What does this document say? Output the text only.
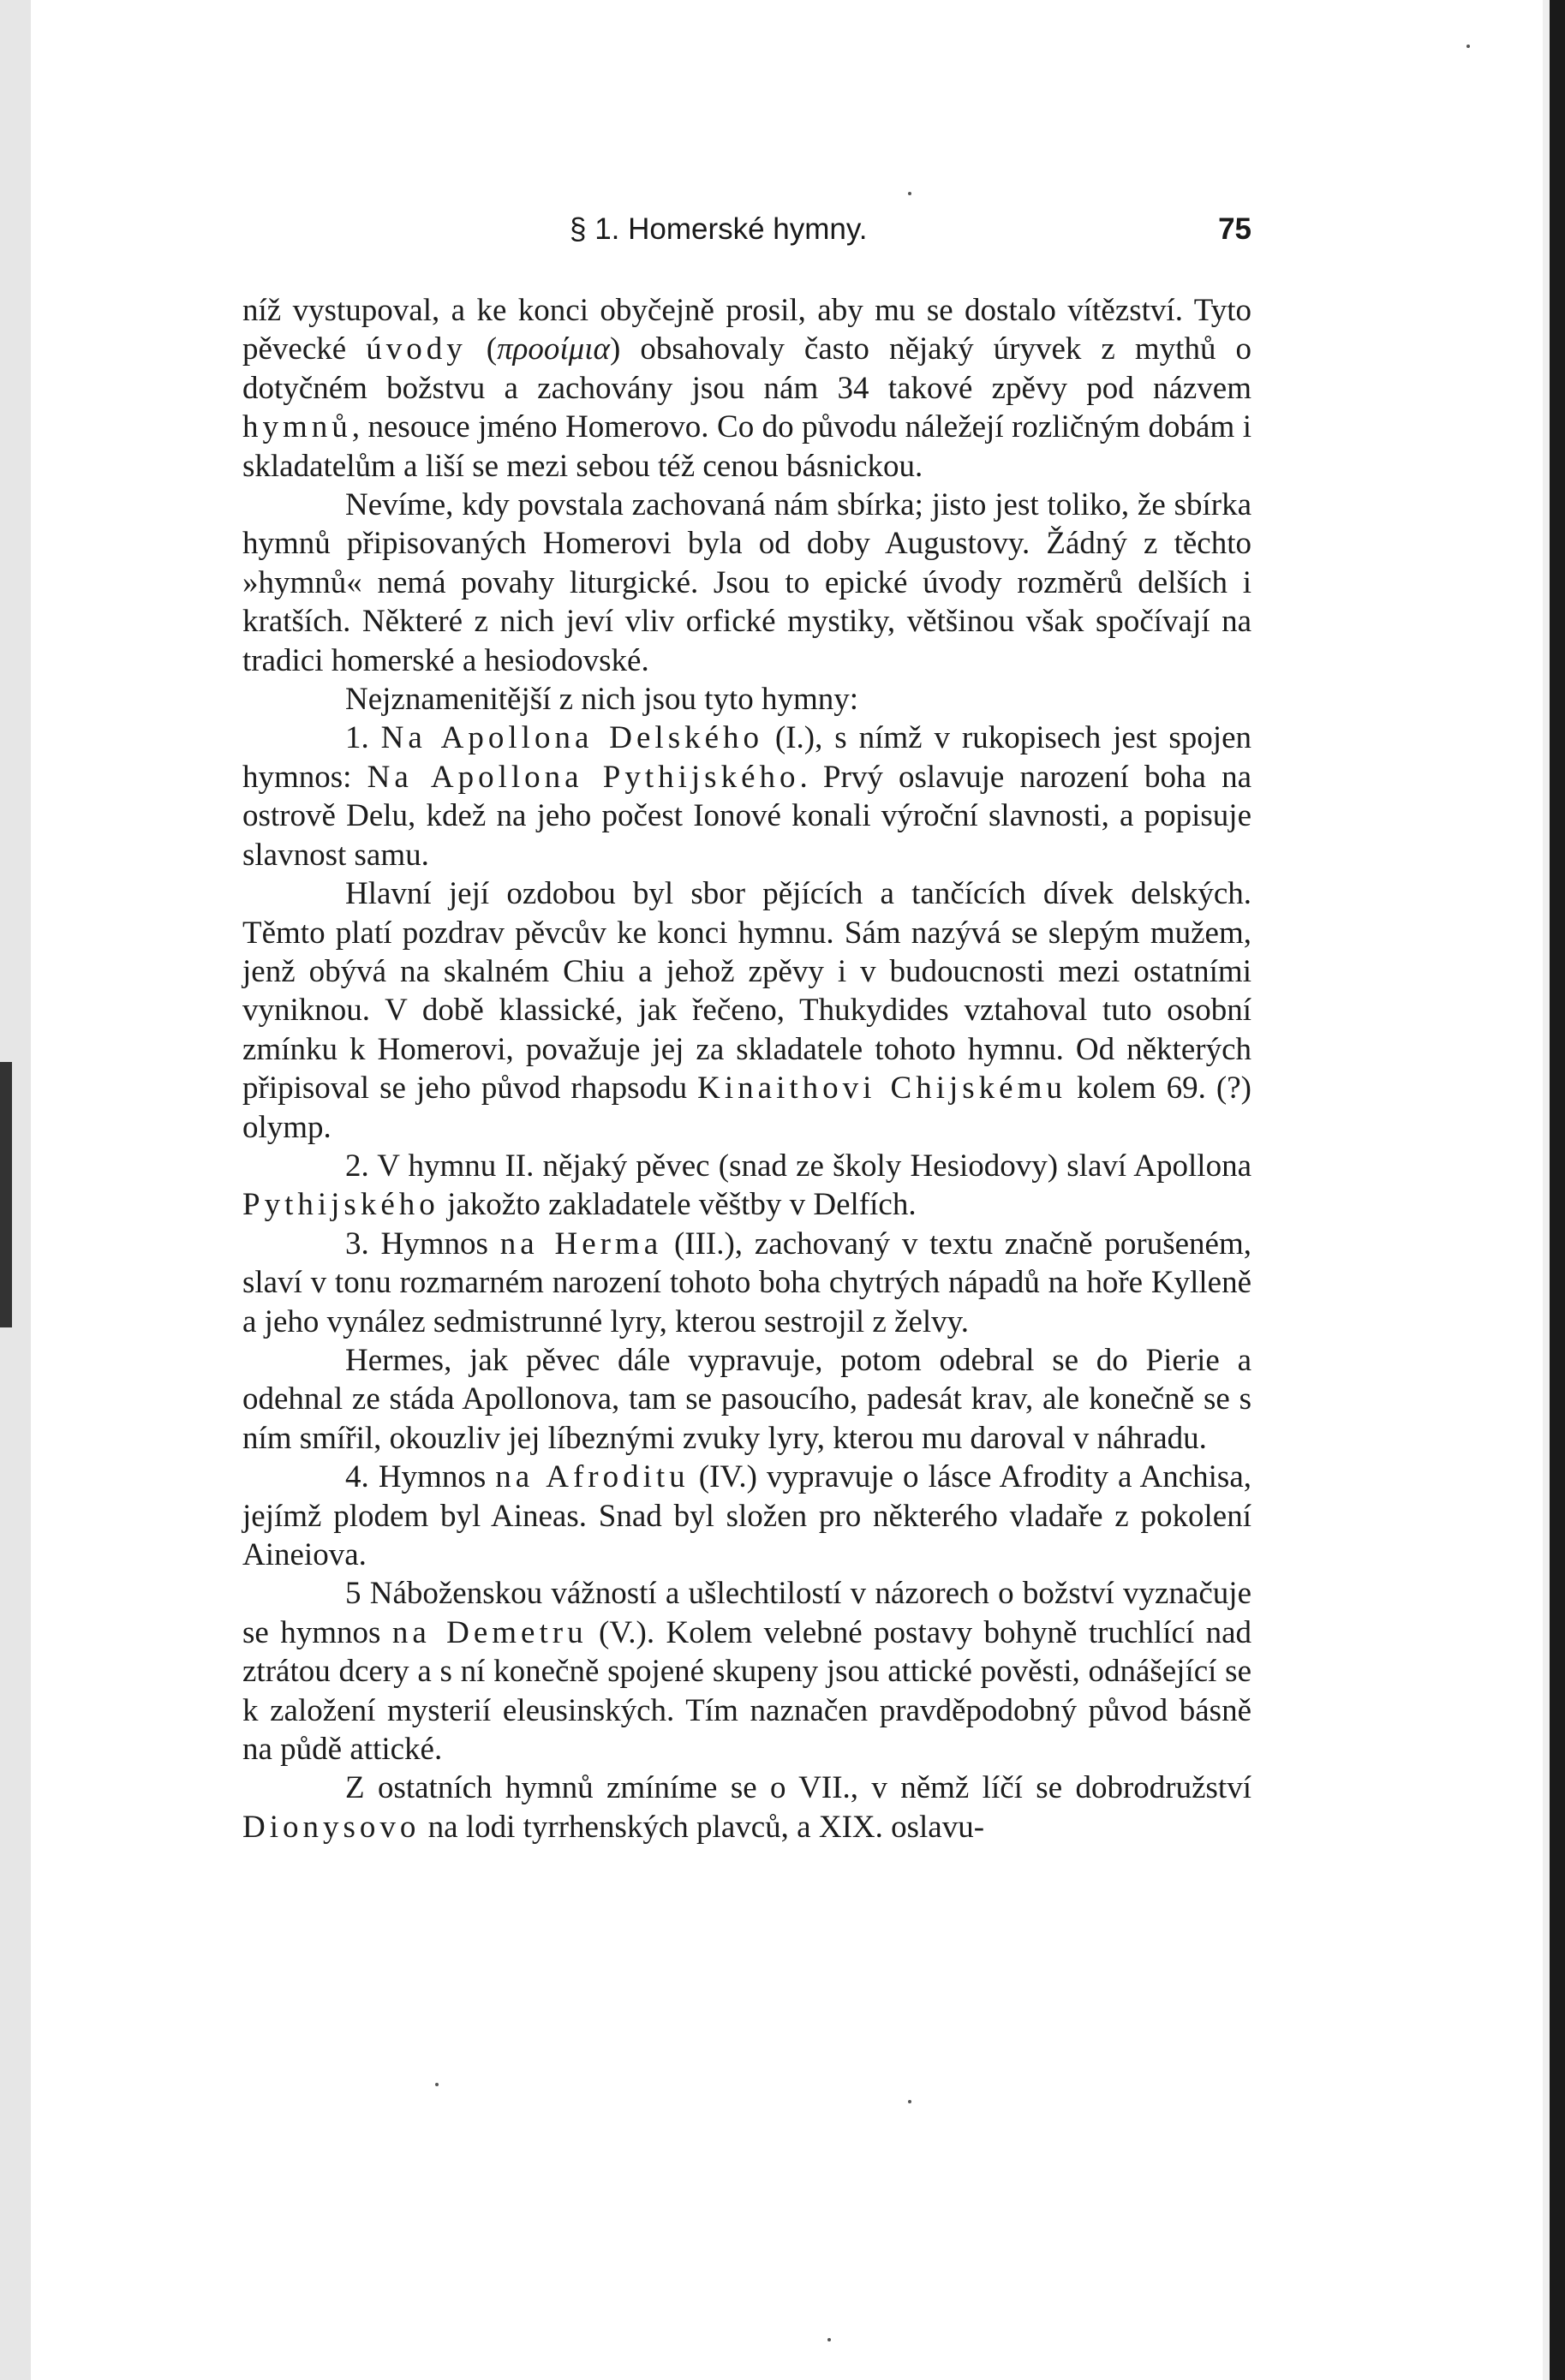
§ 1. Homerské hymny.	75

níž vystupoval, a ke konci obyčejně prosil, aby mu se dostalo vítězství. Tyto pěvecké úvody (προοίμια) obsahovaly často nějaký úryvek z mythů o dotyčném božstvu a zachovány jsou nám 34 takové zpěvy pod názvem hymnů, nesouce jméno Homerovo. Co do původu náležejí rozličným dobám i skladatelům a liší se mezi sebou též cenou básnickou.

Nevíme, kdy povstala zachovaná nám sbírka; jisto jest toliko, že sbírka hymnů připisovaných Homerovi byla od doby Augustovy. Žádný z těchto »hymnů« nemá povahy liturgické. Jsou to epické úvody rozměrů delších i kratších. Některé z nich jeví vliv orfické mystiky, většinou však spočívají na tradici homerské a hesiodovské.

Nejznamenitější z nich jsou tyto hymny:

1. Na Apollona Delského (I.), s nímž v rukopisech jest spojen hymnos: Na Apollona Pythijského. Prvý oslavuje narození boha na ostrově Delu, kdež na jeho počest Ionové konali výroční slavnosti, a popisuje slavnost samu.

Hlavní její ozdobou byl sbor pějících a tančících dívek delských. Těmto platí pozdrav pěvcův ke konci hymnu. Sám nazývá se slepým mužem, jenž obývá na skalném Chiu a jehož zpěvy i v budoucnosti mezi ostatními vyniknou. V době klassické, jak řečeno, Thukydides vztahoval tuto osobní zmínku k Homerovi, považuje jej za skladatele tohoto hymnu. Od některých připisoval se jeho původ rhapsodu Kinaithovi Chijskému kolem 69. (?) olymp.

2. V hymnu II. nějaký pěvec (snad ze školy Hesiodovy) slaví Apollona Pythijského jakožto zakladatele věštby v Delfích.

3. Hymnos na Herma (III.), zachovaný v textu značně porušeném, slaví v tonu rozmarném narození tohoto boha chytrých nápadů na hoře Kylleně a jeho vynález sedmistrunné lyry, kterou sestrojil z želvy.

Hermes, jak pěvec dále vypravuje, potom odebral se do Pierie a odehnal ze stáda Apollonova, tam se pasoucího, padesát krav, ale konečně se s ním smířil, okouzliv jej líbeznými zvuky lyry, kterou mu daroval v náhradu.

4. Hymnos na Afroditu (IV.) vypravuje o lásce Afrodity a Anchisa, jejímž plodem byl Aineas. Snad byl složen pro některého vladaře z pokolení Aineiova.

5 Náboženskou vážností a ušlechtilostí v názorech o božství vyznačuje se hymnos na Demetru (V.). Kolem velebné postavy bohyně truchlící nad ztrátou dcery a s ní konečně spojené skupeny jsou attické pověsti, odnášející se k založení mysterií eleusinských. Tím naznačen pravděpodobný původ básně na půdě attické.

Z ostatních hymnů zmíníme se o VII., v němž líčí se dobrodružství Dionysovo na lodi tyrrhenských plavců, a XIX. oslavu-
